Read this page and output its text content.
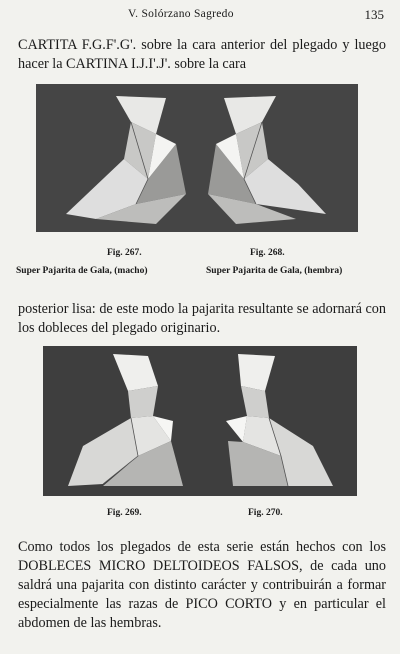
V. Solórzano Sagredo	135
CARTITA F.G.F'.G'. sobre la cara anterior del plegado y luego hacer la CARTINA I.J.I'.J'. sobre la cara
Fig. 267.	Fig. 268.
Super Pajarita de Gala, (macho)	Super Pajarita de Gala, (hembra)
posterior lisa: de este modo la pajarita resultante se adornará con los dobleces del plegado originario.
Fig. 269.	Fig. 270.
Como todos los plegados de esta serie están hechos con los DOBLECES MICRO DELTOIDEOS FALSOS, de cada uno saldrá una pajarita con distinto carácter y contribuirán a formar especialmente las razas de PICO CORTO y en particular el abdomen de las hembras.
